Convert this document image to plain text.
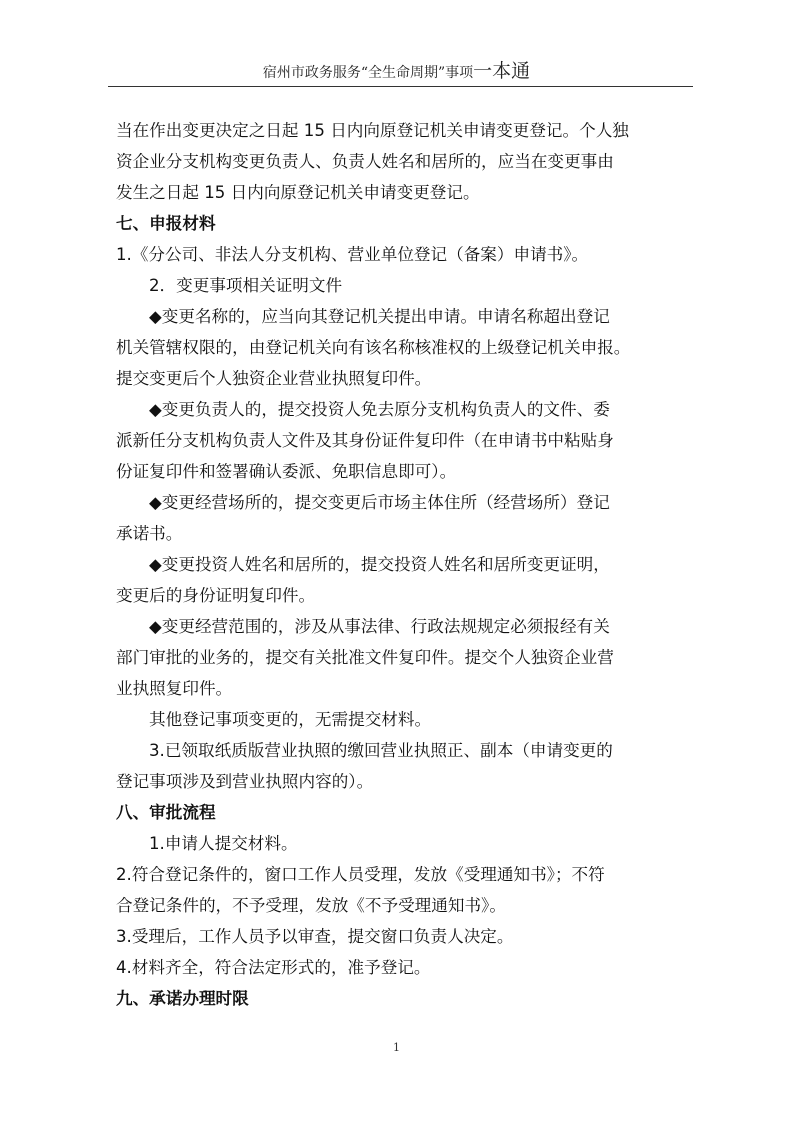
宿州市政务服务“全生命周期”事项一本通

当在作出变更决定之日起 15 日内向原登记机关申请变更登记。个人独

资企业分支机构变更负责人、负责人姓名和居所的，应当在变更事由

发生之日起 15 日内向原登记机关申请变更登记。

七、申报材料

1.《分公司、非法人分支机构、营业单位登记（备案）申请书》。

2．变更事项相关证明文件

◆变更名称的，应当向其登记机关提出申请。申请名称超出登记

机关管辖权限的，由登记机关向有该名称核准权的上级登记机关申报。

提交变更后个人独资企业营业执照复印件。

◆变更负责人的，提交投资人免去原分支机构负责人的文件、委

派新任分支机构负责人文件及其身份证件复印件（在申请书中粘贴身

份证复印件和签署确认委派、免职信息即可）。

◆变更经营场所的，提交变更后市场主体住所（经营场所）登记

承诺书。

◆变更投资人姓名和居所的，提交投资人姓名和居所变更证明，

变更后的身份证明复印件。

◆变更经营范围的，涉及从事法律、行政法规规定必须报经有关

部门审批的业务的，提交有关批准文件复印件。提交个人独资企业营

业执照复印件。

其他登记事项变更的，无需提交材料。

3.已领取纸质版营业执照的缴回营业执照正、副本（申请变更的

登记事项涉及到营业执照内容的）。

八、审批流程

1.申请人提交材料。

2.符合登记条件的，窗口工作人员受理，发放《受理通知书》；不符

合登记条件的，不予受理，发放《不予受理通知书》。

3.受理后，工作人员予以审查，提交窗口负责人决定。

4.材料齐全，符合法定形式的，准予登记。

九、承诺办理时限

1
